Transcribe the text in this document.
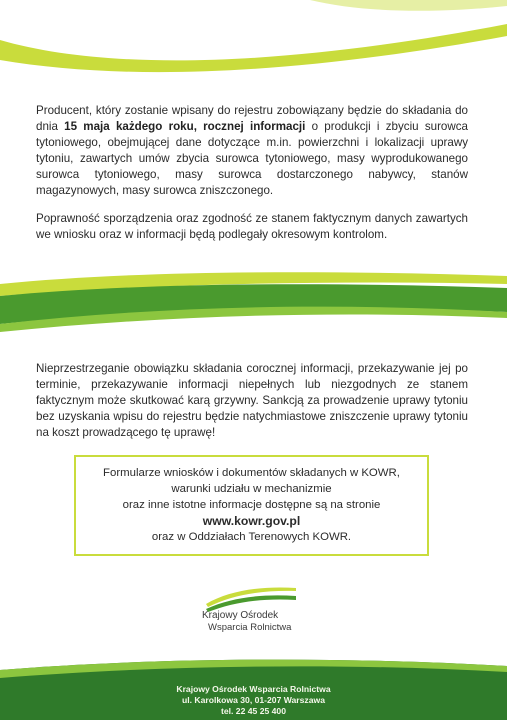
Producent, który zostanie wpisany do rejestru zobowiązany będzie do składania do dnia 15 maja każdego roku, rocznej informacji o produkcji i zbyciu surowca tytoniowego, obejmującej dane dotyczące m.in. powierzchni i lokalizacji uprawy tytoniu, zawartych umów zbycia surowca tytoniowego, masy wyprodukowanego surowca tytoniowego, masy surowca dostarczonego nabywcy, stanów magazynowych, masy surowca zniszczonego.

Poprawność sporządzenia oraz zgodność ze stanem faktycznym danych zawartych we wniosku oraz w informacji będą podlegały okresowym kontrolom.

Nieprzestrzeganie obowiązku składania corocznej informacji, przekazywanie jej po terminie, przekazywanie informacji niepełnych lub niezgodnych ze stanem faktycznym może skutkować karą grzywny. Sankcją za prowadzenie uprawy tytoniu bez uzyskania wpisu do rejestru będzie natychmiastowe zniszczenie uprawy tytoniu na koszt prowadzącego tę uprawę!

Formularze wniosków i dokumentów składanych w KOWR,
warunki udziału w mechanizmie
oraz inne istotne informacje dostępne są na stronie
www.kowr.gov.pl
oraz w Oddziałach Terenowych KOWR.
Krajowy Ośrodek
Wsparcia Rolnictwa
Krajowy Ośrodek Wsparcia Rolnictwa
ul. Karolkowa 30, 01-207 Warszawa
tel. 22 45 25 400
